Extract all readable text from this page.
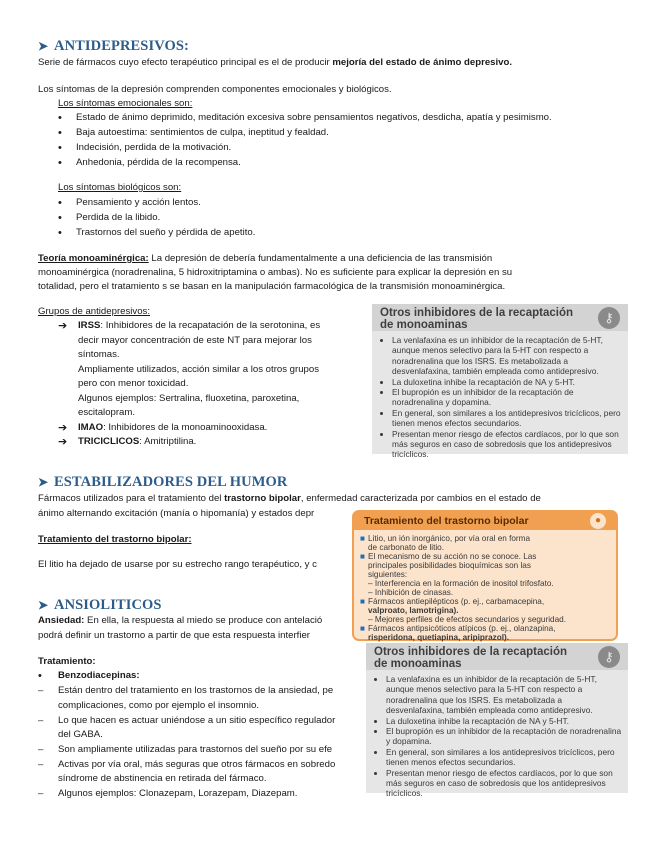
➤ ANTIDEPRESIVOS:
Serie de fármacos cuyo efecto terapéutico principal es el de producir mejoría del estado de ánimo depresivo.
Los síntomas de la depresión comprenden componentes emocionales y biológicos.
Los síntomas emocionales son:
• Estado de ánimo deprimido, meditación excesiva sobre pensamientos negativos, desdicha, apatía y pesimismo.
• Baja autoestima: sentimientos de culpa, ineptitud y fealdad.
• Indecisión, perdida de la motivación.
• Anhedonia, pérdida de la recompensa.
Los síntomas biológicos son:
• Pensamiento y acción lentos.
• Perdida de la libido.
• Trastornos del sueño y pérdida de apetito.
Teoría monoaminérgica: La depresión de debería fundamentalmente a una deficiencia de las transmisión
monoaminérgica (noradrenalina, 5 hidroxitriptamina o ambas). No es suficiente para explicar la depresión en su
totalidad, pero el tratamiento s se basan en la manipulación farmacológica de la transmisión monoaminérgica.
Grupos de antidepresivos:
➔ IRSS: Inhibidores de la recapatación de la serotonina, es
decir mayor concentración de este NT para mejorar los
síntomas.
Ampliamente utilizados, acción similar a los otros grupos
pero con menor toxicidad.
Algunos ejemplos: Sertralina, fluoxetina, paroxetina,
escitalopram.
➔ IMAO: Inhibidores de la monoaminooxidasa.
➔ TRICICLICOS: Amitriptilina.
Otros inhibidores de la recaptación
de monoaminas	⚷
• La venlafaxina es un inhibidor de la recaptación de 5-HT, aunque menos selectivo para la 5-HT con respecto a noradrenalina que los ISRS. Es metabolizada a desvenlafaxina, también empleada como antidepresivo.
• La duloxetina inhibe la recaptación de NA y 5-HT.
• El bupropión es un inhibidor de la recaptación de noradrenalina y dopamina.
• En general, son similares a los antidepresivos tricíclicos, pero tienen menos efectos secundarios.
• Presentan menor riesgo de efectos cardíacos, por lo que son más seguros en caso de sobredosis que los antidepresivos tricíclicos.
➤ ESTABILIZADORES DEL HUMOR
Fármacos utilizados para el tratamiento del trastorno bipolar, enfermedad caracterizada por cambios en el estado de
ánimo alternando excitación (manía o hipomanía) y estados depr
Tratamiento del trastorno bipolar:
El litio ha dejado de usarse por su estrecho rango terapéutico, y c
Tratamiento del trastorno bipolar	●
■ Litio, un ión inorgánico, por vía oral en forma
de carbonato de litio.
■ El mecanismo de su acción no se conoce. Las
principales posibilidades bioquímicas son las
siguientes:
– Interferencia en la formación de inositol trifosfato.
– Inhibición de cinasas.
■ Fármacos antiepilépticos (p. ej., carbamacepina,
valproato, lamotrigina).
– Mejores perfiles de efectos secundarios y seguridad.
■ Fármacos antipsicóticos atípicos (p. ej., olanzapina,
risperidona, quetiapina, aripiprazol).
➤ ANSIOLITICOS
Ansiedad: En ella, la respuesta al miedo se produce con antelació
podrá definir un trastorno a partir de que esta respuesta interfier
Tratamiento:
• Benzodiacepinas:
– Están dentro del tratamiento en los trastornos de la ansiedad, pe
complicaciones, como por ejemplo el insomnio.
– Lo que hacen es actuar uniéndose a un sitio específico regulador
del GABA.
– Son ampliamente utilizadas para trastornos del sueño por su efe
– Activas por vía oral, más seguras que otros fármacos en sobredo
síndrome de abstinencia en retirada del fármaco.
– Algunos ejemplos: Clonazepam, Lorazepam, Diazepam.
Otros inhibidores de la recaptación
de monoaminas	⚷
• La venlafaxina es un inhibidor de la recaptación de 5-HT, aunque menos selectivo para la 5-HT con respecto a noradrenalina que los ISRS. Es metabolizada a desvenlafaxina, también empleada como antidepresivo.
• La duloxetina inhibe la recaptación de NA y 5-HT.
• El bupropión es un inhibidor de la recaptación de noradrenalina y dopamina.
• En general, son similares a los antidepresivos tricíclicos, pero tienen menos efectos secundarios.
• Presentan menor riesgo de efectos cardíacos, por lo que son más seguros en caso de sobredosis que los antidepresivos tricíclicos.
